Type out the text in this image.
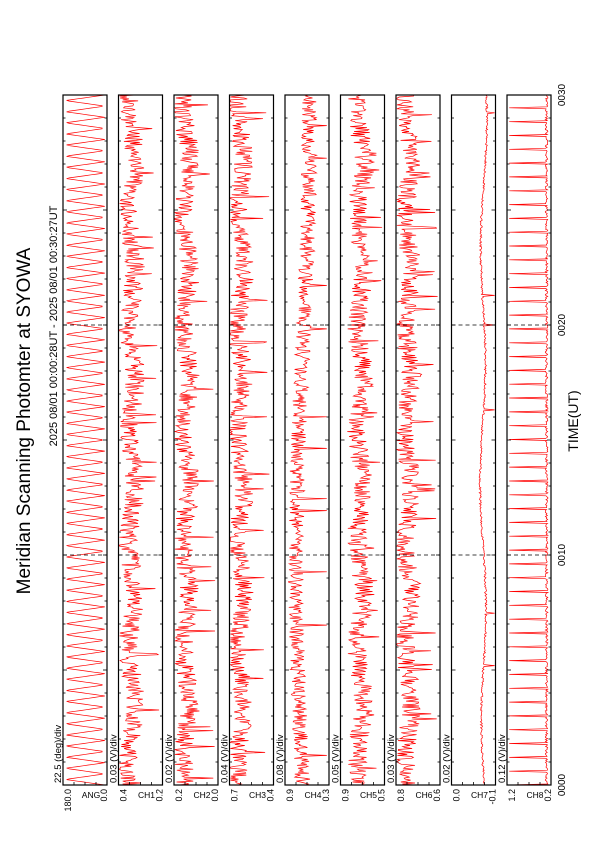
Meridian Scanning Photomter at SYOWA 2025 08/01 00:00:28UT - 2025 08/01 00:30:27UT
22.5 (deg)/div
ANG
180.0	0.0
0.03 (V)/div
CH1
0.4	0.2
0.02 (V)/div
CH2
0.2	0.0
0.04 (V)/div
CH3
0.7	0.4
0.08 (V)/div
CH4
0.9	0.3
0.05 (V)/div
CH5
0.9	0.5
0.03 (V)/div
CH6
0.8	0.6
0.02 (V)/div
CH7
0.0	-0.1
0.12 (V)/div
CH8
1.2	0.2 0000
0010
0020
0030
TIME(UT)
